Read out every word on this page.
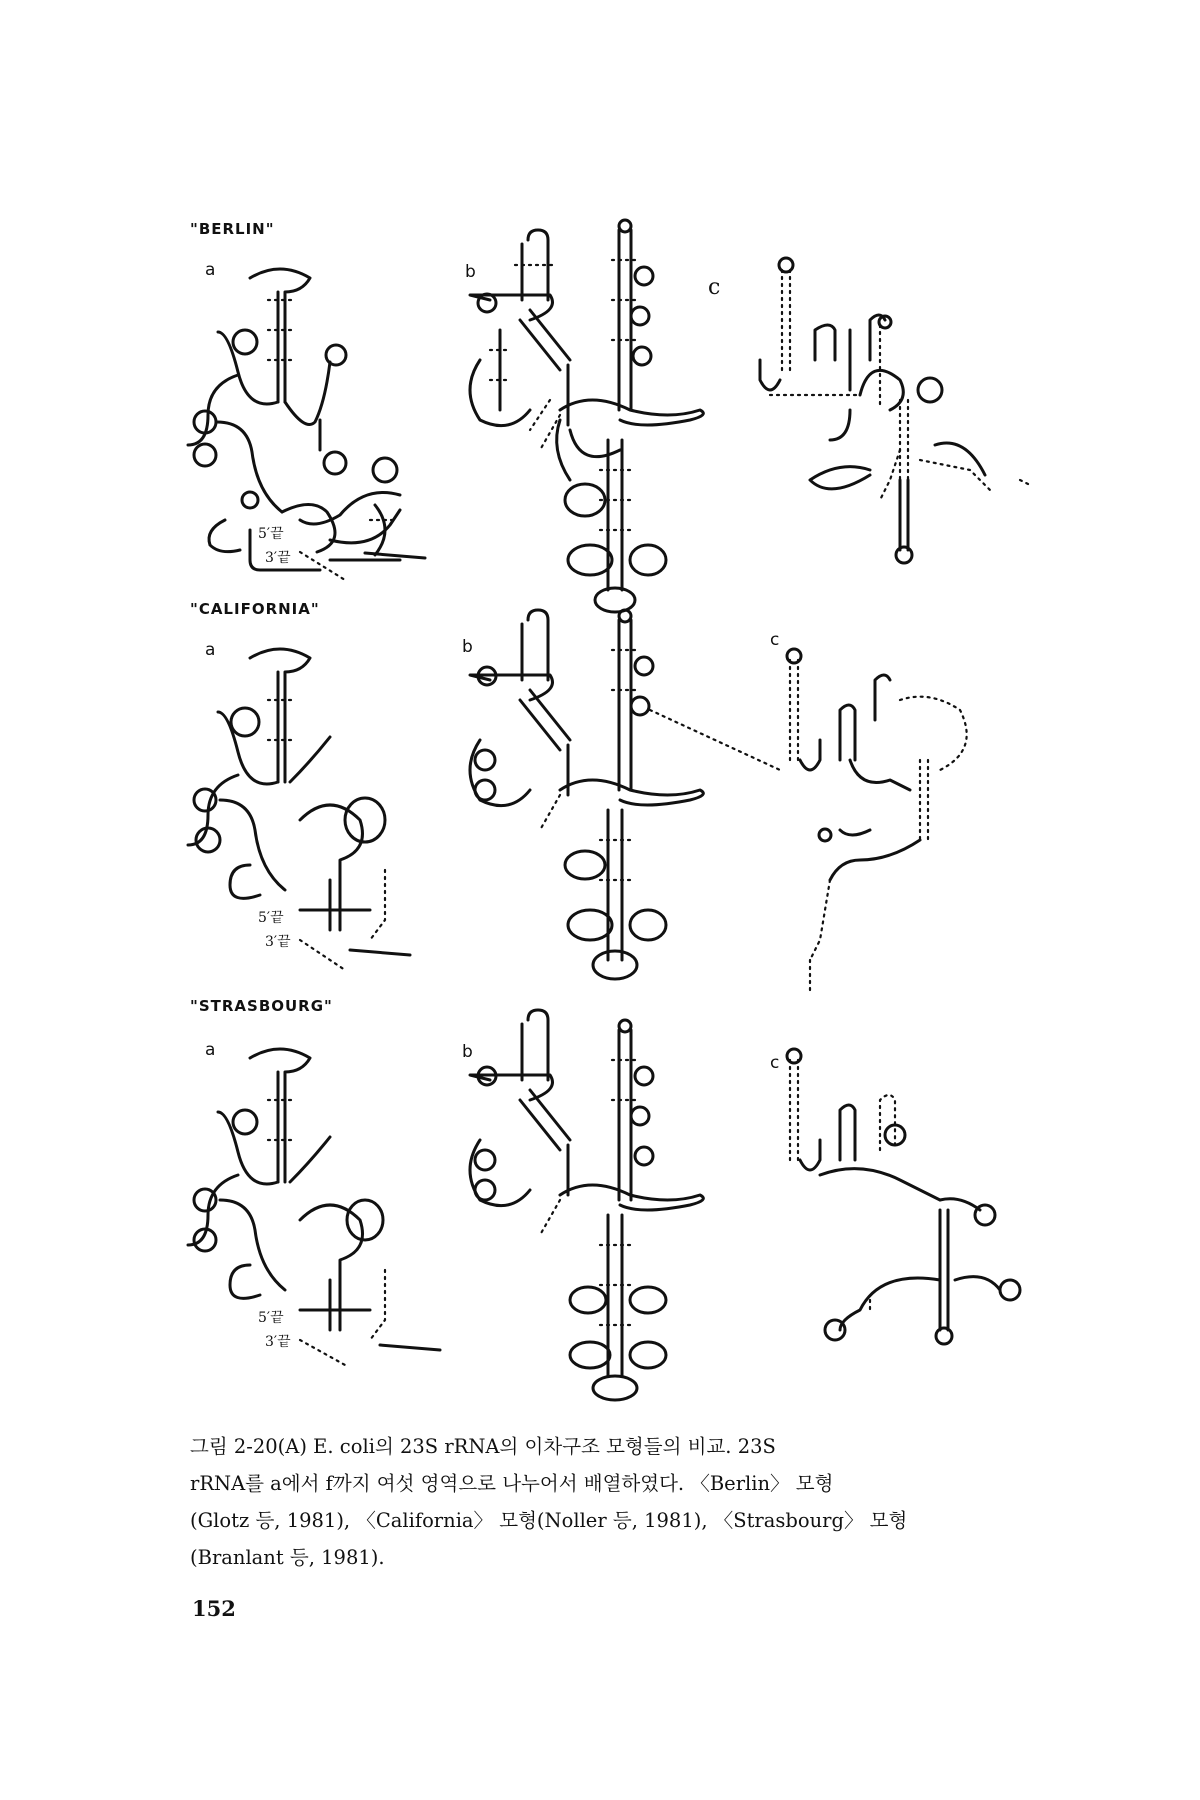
"BERLIN"
"CALIFORNIA"
"STRASBOURG"
a	b
c
a	b	c
a	b
c
5′끝
3′끝
5′끝
3′끝
5′끝
3′끝

그림 2-20(A) E. coli의 23S rRNA의 이차구조 모형들의 비교. 23S

rRNA를 a에서 f까지 여섯 영역으로 나누어서 배열하였다. 〈Berlin〉 모형

(Glotz 등, 1981), 〈California〉 모형(Noller 등, 1981), 〈Strasbourg〉 모형

(Branlant 등, 1981).

152
